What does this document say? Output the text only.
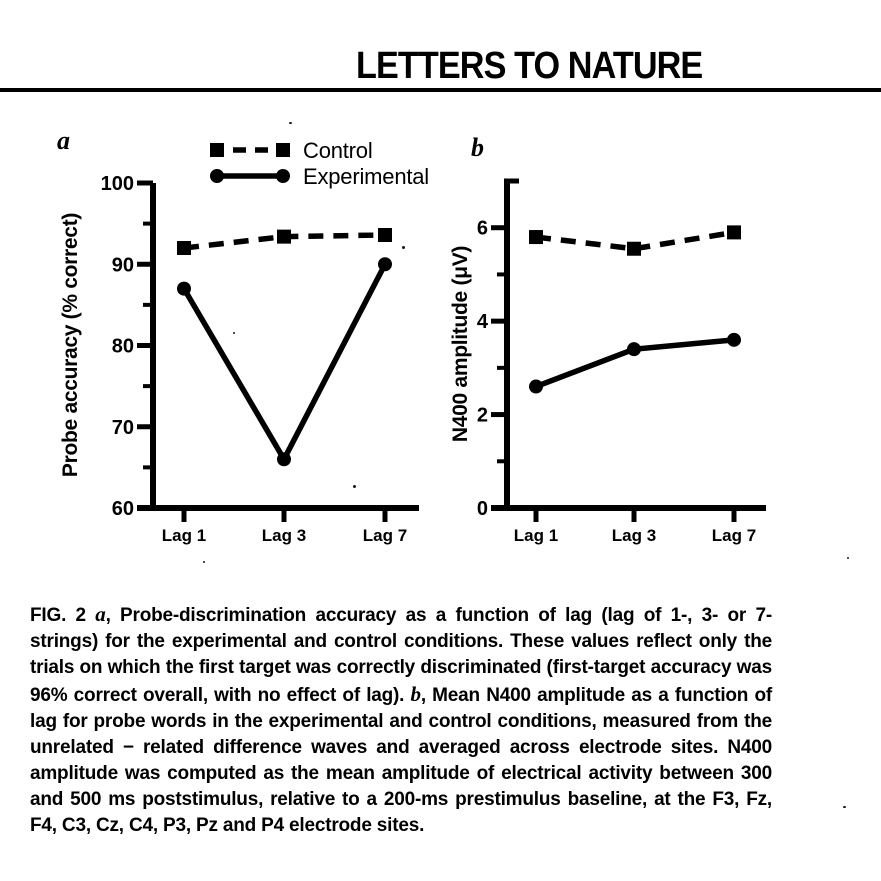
LETTERS TO NATURE
a	b
Probe accuracy (% correct)	N400 amplitude (μV)
Control
Experimental
60
70
80
90
100
Lag 1	Lag 3	Lag 7
0
2
4
6
Lag 1	Lag 3	Lag 7

FIG. 2 a, Probe-discrimination accuracy as a function of lag (lag of 1-, 3- or 7-strings) for the experimental and control conditions. These values reflect only the trials on which the first target was correctly discriminated (first-target accuracy was 96% correct overall, with no effect of lag). b, Mean N400 amplitude as a function of lag for probe words in the experimental and control conditions, measured from the unrelated − related difference waves and averaged across electrode sites. N400 amplitude was computed as the mean amplitude of electrical activity between 300 and 500 ms poststimulus, relative to a 200-ms prestimulus baseline, at the F3, Fz, F4, C3, Cz, C4, P3, Pz and P4 electrode sites.
